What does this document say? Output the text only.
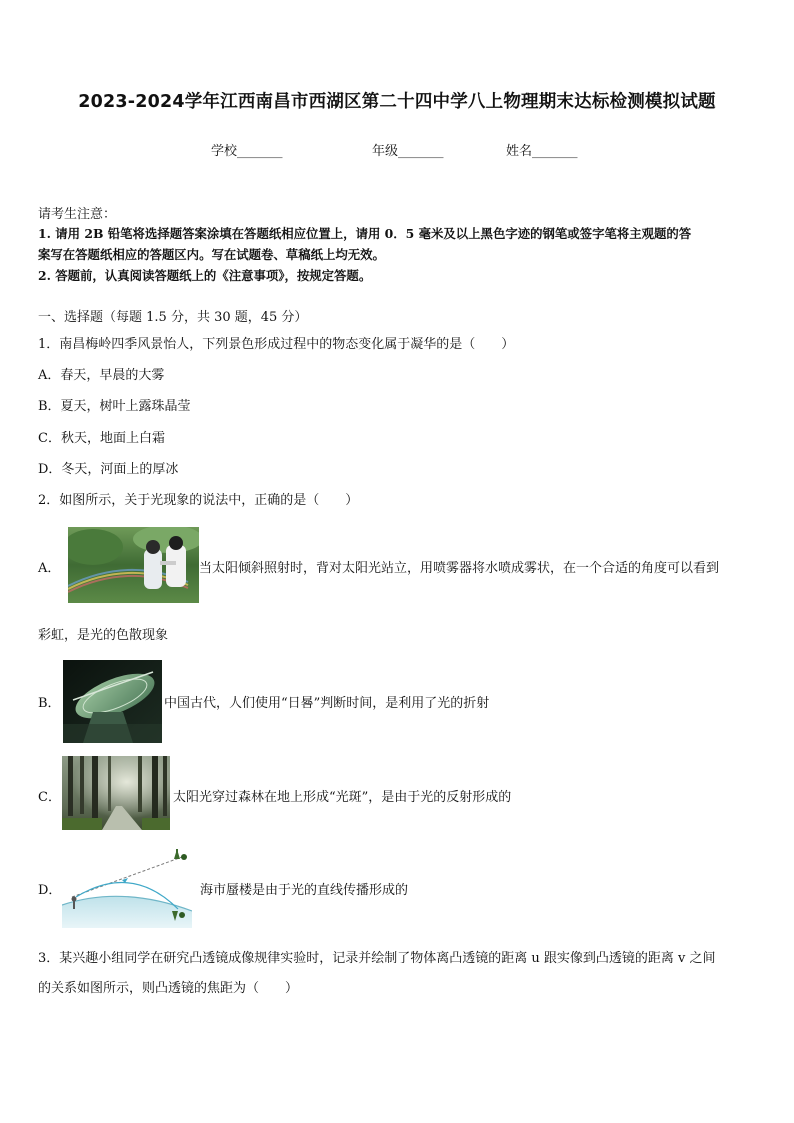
2023-2024学年江西南昌市西湖区第二十四中学八上物理期末达标检测模拟试题
学校_______	年级_______	姓名_______
请考生注意：
1. 请用 2B 铅笔将选择题答案涂填在答题纸相应位置上，请用 0．5 毫米及以上黑色字迹的钢笔或签字笔将主观题的答
案写在答题纸相应的答题区内。写在试题卷、草稿纸上均无效。
2. 答题前，认真阅读答题纸上的《注意事项》，按规定答题。
一、选择题（每题 1.5 分，共 30 题，45 分）
1．南昌梅岭四季风景怡人，下列景色形成过程中的物态变化属于凝华的是（　　）
A．春天，早晨的大雾
B．夏天，树叶上露珠晶莹
C．秋天，地面上白霜
D．冬天，河面上的厚冰
2．如图所示，关于光现象的说法中，正确的是（　　）
A．	当太阳倾斜照射时，背对太阳光站立，用喷雾器将水喷成雾状，在一个合适的角度可以看到
彩虹，是光的色散现象
B．	中国古代，人们使用“日晷”判断时间，是利用了光的折射
C．	太阳光穿过森林在地上形成“光斑”，是由于光的反射形成的
D．	海市蜃楼是由于光的直线传播形成的
3．某兴趣小组同学在研究凸透镜成像规律实验时，记录并绘制了物体离凸透镜的距离 u 跟实像到凸透镜的距离 v 之间
的关系如图所示，则凸透镜的焦距为（　　）
